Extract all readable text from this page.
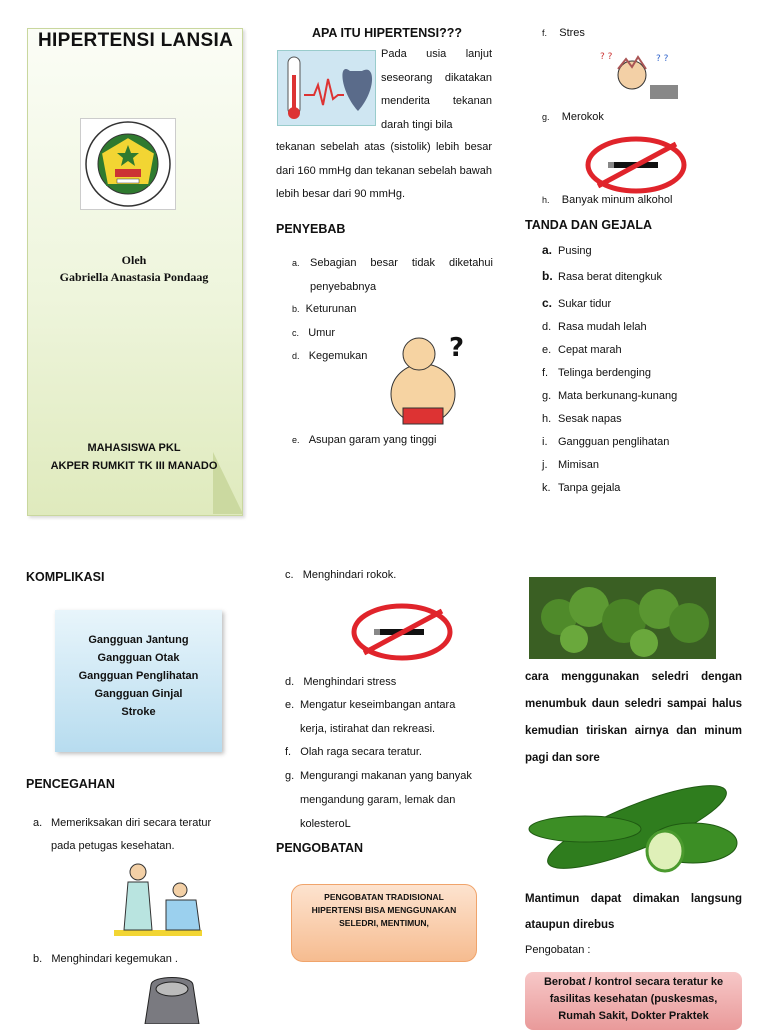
HIPERTENSI LANSIA
Oleh
Gabriella Anastasia Pondaag
MAHASISWA PKL
AKPER RUMKIT TK III MANADO
APA ITU HIPERTENSI???
Pada usia lanjut seseorang dikatakan menderita tekanan darah tingi bila
tekanan sebelah atas (sistolik) lebih besar dari 160 mmHg dan tekanan sebelah bawah lebih besar dari 90 mmHg.
PENYEBAB
a. Sebagian besar tidak diketahui penyebabnya
b. Keturunan
c. Umur
d. Kegemukan	?
e. Asupan garam yang tinggi
f. Stres
? ?	? ?
g. Merokok
h. Banyak minum alkohol
TANDA DAN GEJALA
a. Pusing
b. Rasa berat ditengkuk
c. Sukar tidur
d. Rasa mudah lelah
e. Cepat marah
f. Telinga berdenging
g. Mata berkunang-kunang
h. Sesak napas
i. Gangguan penglihatan
j. Mimisan
k. Tanpa gejala
KOMPLIKASI
Gangguan Jantung
Gangguan Otak
Gangguan Penglihatan
Gangguan Ginjal
Stroke
PENCEGAHAN
a. Memeriksakan diri secara teratur pada petugas kesehatan.
b. Menghindari kegemukan .
c. Menghindari rokok.
d. Menghindari stress
e. Mengatur keseimbangan antara kerja, istirahat dan rekreasi.
f. Olah raga secara teratur.
g. Mengurangi makanan yang banyak mengandung garam, lemak dan kolesteroL
PENGOBATAN
PENGOBATAN TRADISIONAL HIPERTENSI BISA MENGGUNAKAN SELEDRI, MENTIMUN,
cara menggunakan seledri dengan menumbuk daun seledri sampai halus kemudian tiriskan airnya dan minum pagi dan sore
Mantimun dapat dimakan langsung ataupun direbus
Pengobatan :
Berobat / kontrol secara teratur ke fasilitas kesehatan (puskesmas, Rumah Sakit, Dokter Praktek
